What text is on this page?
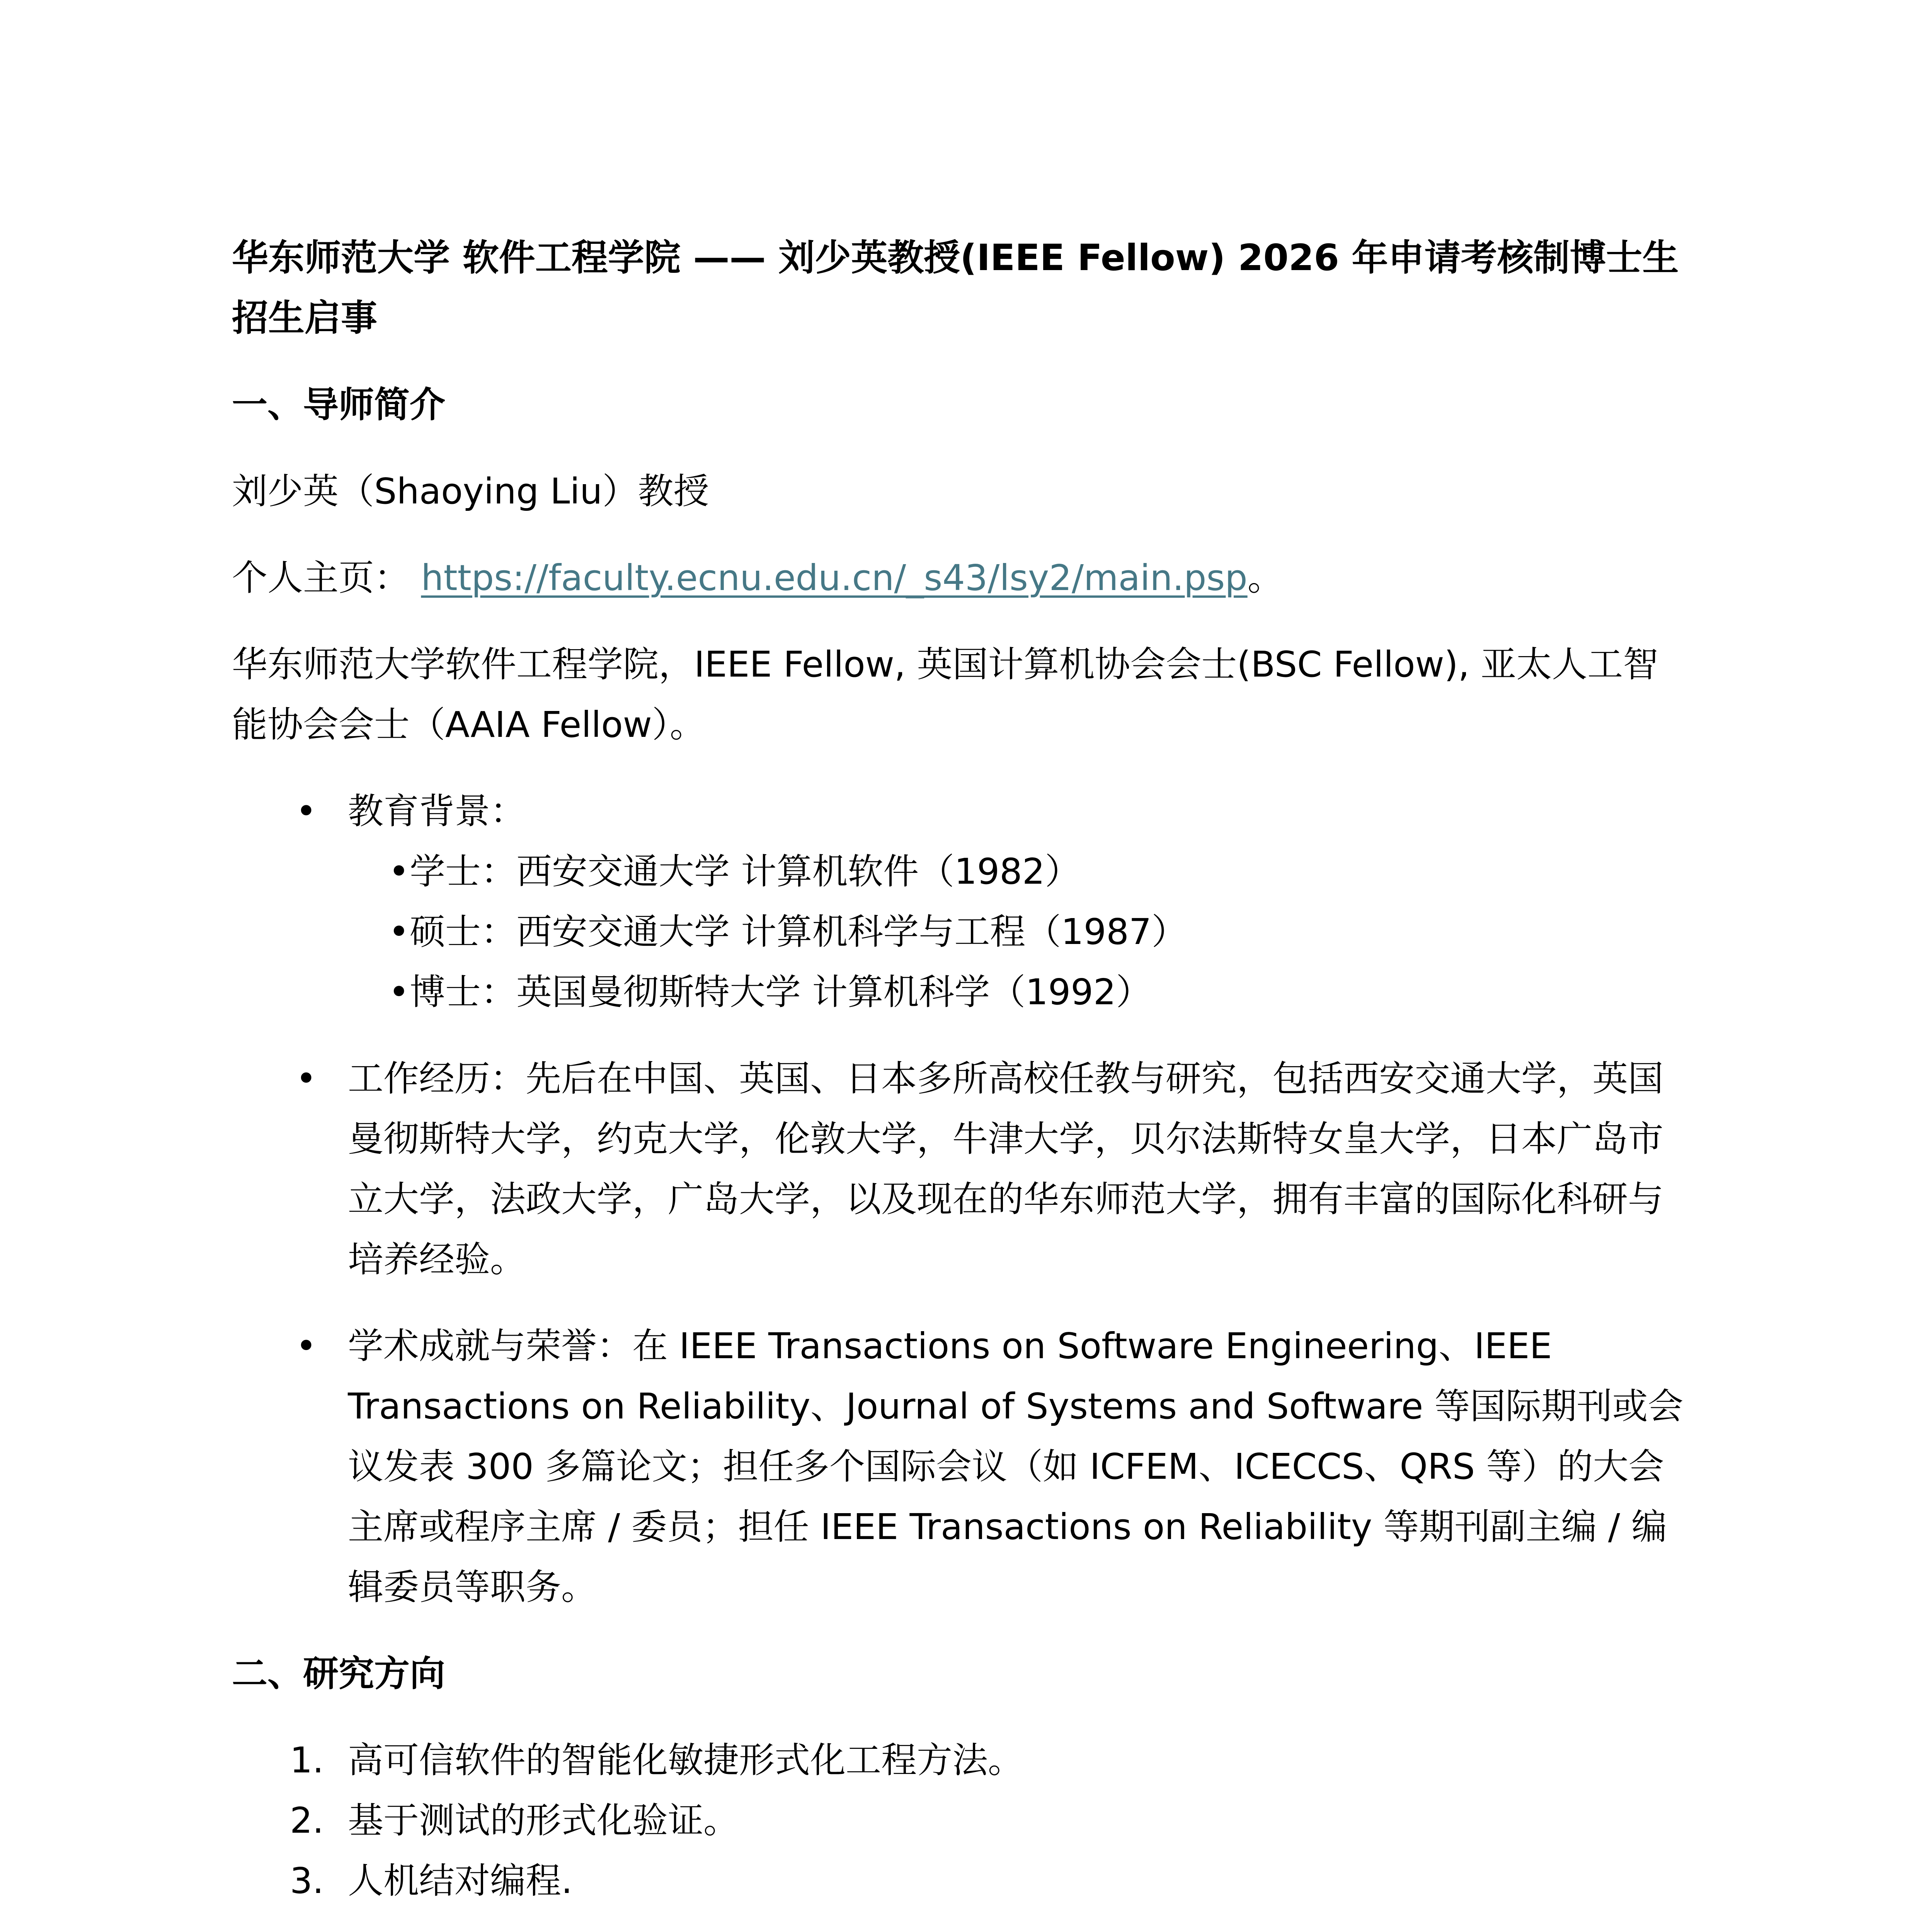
华东师范大学 软件工程学院 —— 刘少英教授(IEEE Fellow) 2026 年申请考核制博士生招生启事

一、导师简介

刘少英（Shaoying Liu）教授

个人主页： https://faculty.ecnu.edu.cn/_s43/lsy2/main.psp。

华东师范大学软件工程学院，IEEE Fellow, 英国计算机协会会士(BSC Fellow), 亚太人工智能协会会士（AAIA Fellow）。

• 教育背景：
• 学士：西安交通大学 计算机软件（1982）
• 硕士：西安交通大学 计算机科学与工程（1987）
• 博士：英国曼彻斯特大学 计算机科学（1992）
• 工作经历：先后在中国、英国、日本多所高校任教与研究，包括西安交通大学，英国曼彻斯特大学，约克大学，伦敦大学，牛津大学，贝尔法斯特女皇大学，日本广岛市立大学，法政大学，广岛大学，以及现在的华东师范大学，拥有丰富的国际化科研与培养经验。
• 学术成就与荣誉：在 IEEE Transactions on Software Engineering、IEEE Transactions on Reliability、Journal of Systems and Software 等国际期刊或会议发表 300 多篇论文；担任多个国际会议（如 ICFEM、ICECCS、QRS 等）的大会主席或程序主席 / 委员；担任 IEEE Transactions on Reliability 等期刊副主编 / 编辑委员等职务。

二、研究方向

1. 高可信软件的智能化敏捷形式化工程方法。
2. 基于测试的形式化验证。
3. 人机结对编程.
